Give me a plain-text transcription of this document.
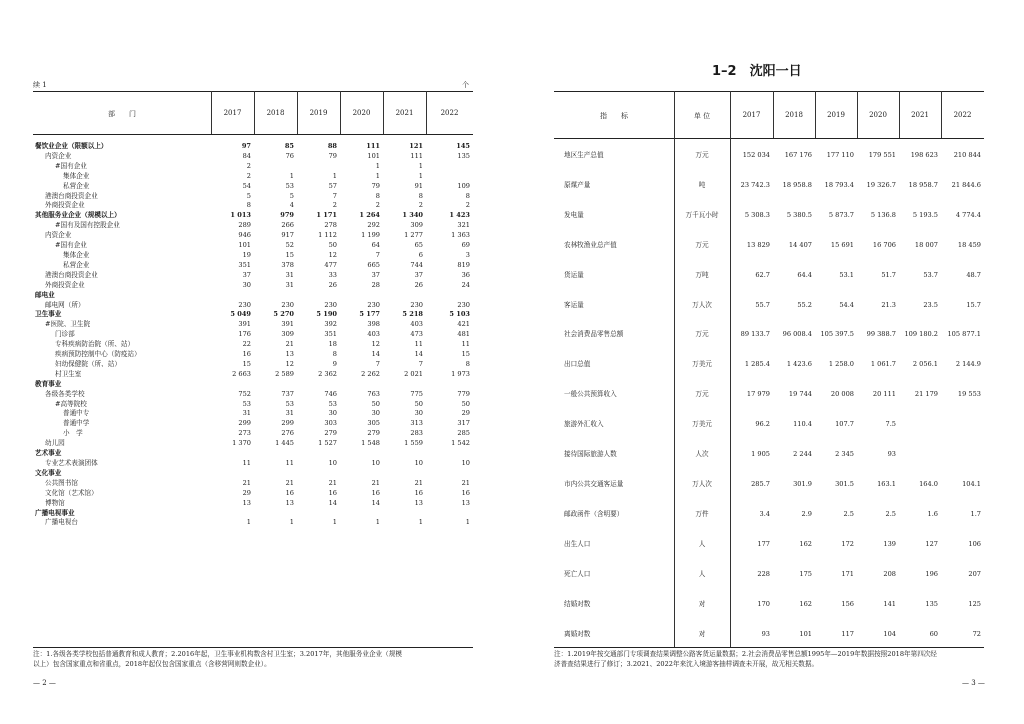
续 1	个
部　　门	2017	2018	2019	2020	2021	2022
餐饮业企业（限额以上）	97	85	88	111	121	145
内资企业	84	76	79	101	111	135
#国有企业	2			1	1	
集体企业	2	1	1	1	1	
私营企业	54	53	57	79	91	109
港澳台商投资企业	5	5	7	8	8	8
外商投资企业	8	4	2	2	2	2
其他服务业企业（规模以上）	1 013	979	1 171	1 264	1 340	1 423
#国有及国有控股企业	289	266	278	292	309	321
内资企业	946	917	1 112	1 199	1 277	1 363
#国有企业	101	52	50	64	65	69
集体企业	19	15	12	7	6	3
私营企业	351	378	477	665	744	819
港澳台商投资企业	37	31	33	37	37	36
外商投资企业	30	31	26	28	26	24
邮电业						
邮电网（所）	230	230	230	230	230	230
卫生事业	5 049	5 270	5 190	5 177	5 218	5 103
#医院、卫生院	391	391	392	398	403	421
门诊部	176	309	351	403	473	481
专科疾病防治院（所、站）	22	21	18	12	11	11
疾病预防控制中心（防疫站）	16	13	8	14	14	15
妇幼保健院（所、站）	15	12	9	7	7	8
村卫生室	2 663	2 589	2 362	2 262	2 021	1 973
教育事业						
各级各类学校	752	737	746	763	775	779
#高等院校	53	53	53	50	50	50
普通中专	31	31	30	30	30	29
普通中学	299	299	303	305	313	317
小　学	273	276	279	279	283	285
幼儿园	1 370	1 445	1 527	1 548	1 559	1 542
艺术事业						
专业艺术表演团体	11	11	10	10	10	10
文化事业						
公共图书馆	21	21	21	21	21	21
文化馆（艺术馆）	29	16	16	16	16	16
博物馆	13	13	14	14	13	13
广播电视事业						
广播电视台	1	1	1	1	1	1
注：1.各级各类学校包括普通教育和成人教育；2.2016年起，卫生事业机构数含村卫生室；3.2017年，其他服务业企业（规模
以上）包含国家重点和省重点，2018年起仅包含国家重点（含移营网则数企业）。
— 2 —
1–2　沈阳一日
指　　标	单 位	2017	2018	2019	2020	2021	2022
地区生产总值	万元	152 034	167 176	177 110	179 551	198 623	210 844
原煤产量	吨	23 742.3	18 958.8	18 793.4	19 326.7	18 958.7	21 844.6
发电量	万千瓦小时	5 308.3	5 380.5	5 873.7	5 136.8	5 193.5	4 774.4
农林牧渔业总产值	万元	13 829	14 407	15 691	16 706	18 007	18 459
货运量	万吨	62.7	64.4	53.1	51.7	53.7	48.7
客运量	万人次	55.7	55.2	54.4	21.3	23.5	15.7
社会消费品零售总额	万元	89 133.7	96 008.4	105 397.5	99 388.7	109 180.2	105 877.1
出口总值	万美元	1 285.4	1 423.6	1 258.0	1 061.7	2 056.1	2 144.9
一般公共预算收入	万元	17 979	19 744	20 008	20 111	21 179	19 553
旅游外汇收入	万美元	96.2	110.4	107.7	7.5		
接待国际旅游人数	人次	1 905	2 244	2 345	93		
市内公共交通客运量	万人次	285.7	301.9	301.5	163.1	164.0	104.1
邮政函件（含明要）	万件	3.4	2.9	2.5	2.5	1.6	1.7
出生人口	人	177	162	172	139	127	106
死亡人口	人	228	175	171	208	196	207
结婚对数	对	170	162	156	141	135	125
离婚对数	对	93	101	117	104	60	72
注：1.2019年按交通部门专项调查结果调整公路客货运量数据；2.社会消费品零售总额1995年—2019年数据按照2018年第四次经
济普查结果进行了修订；3.2021、2022年来沈入境游客抽样调查未开展，故无相关数据。
— 3 —
